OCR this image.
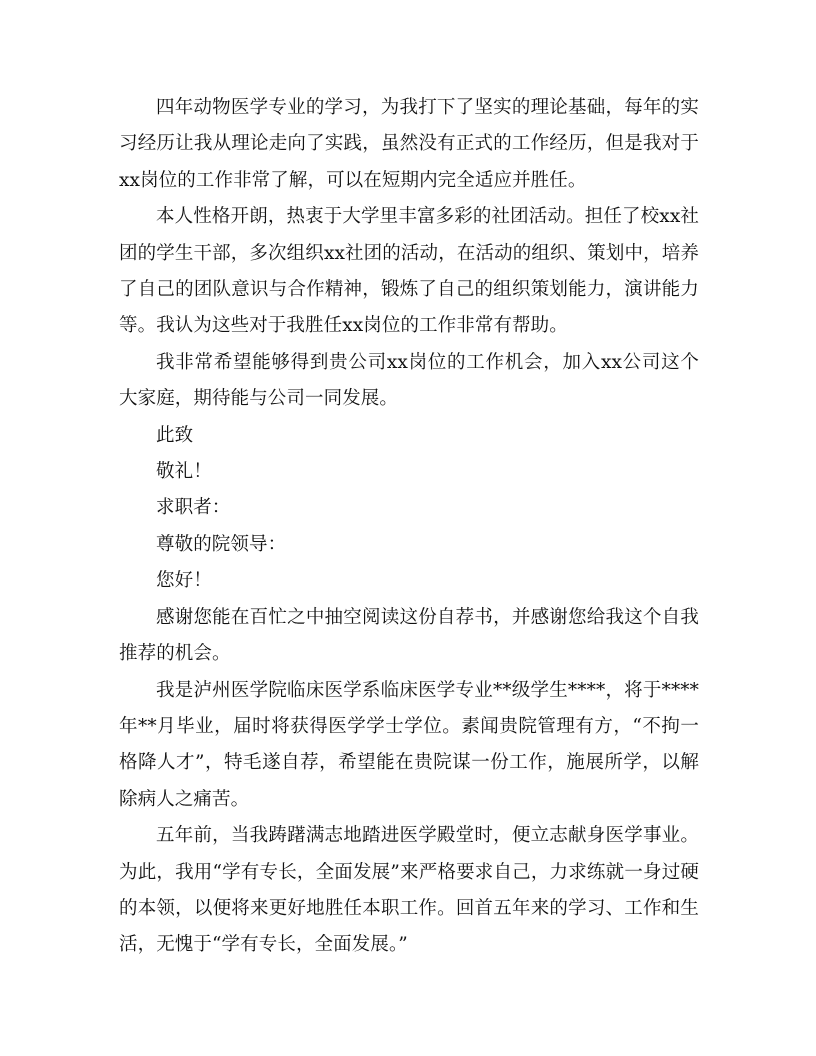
四年动物医学专业的学习，为我打下了坚实的理论基础，每年的实习经历让我从理论走向了实践，虽然没有正式的工作经历，但是我对于xx岗位的工作非常了解，可以在短期内完全适应并胜任。

本人性格开朗，热衷于大学里丰富多彩的社团活动。担任了校xx社团的学生干部，多次组织xx社团的活动，在活动的组织、策划中，培养了自己的团队意识与合作精神，锻炼了自己的组织策划能力，演讲能力等。我认为这些对于我胜任xx岗位的工作非常有帮助。

我非常希望能够得到贵公司xx岗位的工作机会，加入xx公司这个大家庭，期待能与公司一同发展。

此致

敬礼！

求职者：

尊敬的院领导：

您好！

感谢您能在百忙之中抽空阅读这份自荐书，并感谢您给我这个自我推荐的机会。

我是泸州医学院临床医学系临床医学专业**级学生****，将于****年**月毕业，届时将获得医学学士学位。素闻贵院管理有方，“不拘一格降人才”，特毛遂自荐，希望能在贵院谋一份工作，施展所学，以解除病人之痛苦。

五年前，当我踌躇满志地踏进医学殿堂时，便立志献身医学事业。为此，我用“学有专长，全面发展”来严格要求自己，力求练就一身过硬的本领，以便将来更好地胜任本职工作。回首五年来的学习、工作和生活，无愧于“学有专长，全面发展。”
